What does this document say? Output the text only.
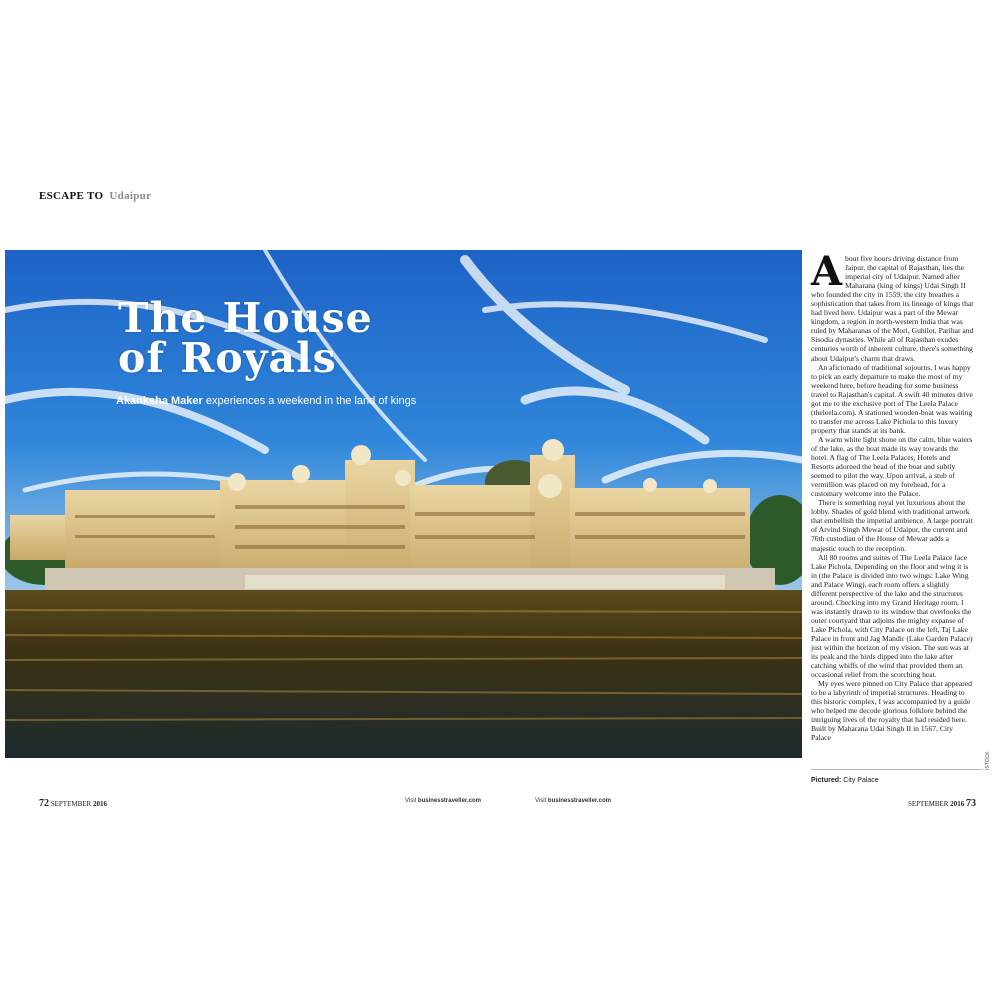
ESCAPE TO Udaipur
The House
of Royals
Akanksha Maker experiences a weekend in the land of kings

About five hours driving distance from Jaipur, the capital of Rajasthan, lies the imperial city of Udaipur. Named after Maharana (king of kings) Udai Singh II who founded the city in 1559, the city breathes a sophistication that takes from its lineage of kings that had lived here. Udaipur was a part of the Mewar kingdom, a region in north-western India that was ruled by Maharanas of the Mori, Guhilot, Parihar and Sisodia dynasties. While all of Rajasthan exudes centuries worth of inherent culture, there's something about Udaipur's charm that draws.

An aficionado of traditional sojourns, I was happy to pick an early departure to make the most of my weekend here, before heading for some business travel to Rajasthan's capital. A swift 40 minutes drive got me to the exclusive port of The Leela Palace (theleela.com). A stationed wooden-boat was waiting to transfer me across Lake Pichola to this luxury property that stands at its bank.

A warm white light shone on the calm, blue waters of the lake, as the boat made its way towards the hotel. A flag of The Leela Palaces, Hotels and Resorts adorned the head of the boat and subtly seemed to pilot the way. Upon arrival, a stub of vermillion was placed on my forehead, for a customary welcome into the Palace.

There is something royal yet luxurious about the lobby. Shades of gold blend with traditional artwork that embellish the imperial ambience. A large portrait of Arvind Singh Mewar of Udaipur, the current and 76th custodian of the House of Mewar adds a majestic touch to the reception.

All 80 rooms and suites of The Leela Palace face Lake Pichola. Depending on the floor and wing it is in (the Palace is divided into two wings: Lake Wing and Palace Wing), each room offers a slightly different perspective of the lake and the structures around. Checking into my Grand Heritage room, I was instantly drawn to its window that overlooks the outer courtyard that adjoins the mighty expanse of Lake Pichola, with City Palace on the left, Taj Lake Palace in front and Jag Mandir (Lake Garden Palace) just within the horizon of my vision. The sun was at its peak and the birds dipped into the lake after catching whiffs of the wind that provided them an occasional relief from the scorching heat.

My eyes were pinned on City Palace that appeared to be a labyrinth of imperial structures. Heading to this historic complex, I was accompanied by a guide who helped me decode glorious folklore behind the intriguing lives of the royalty that had resided here. Built by Maharana Udai Singh II in 1567, City Palace

Pictured: City Palace
ISTOCK
72 SEPTEMBER 2016	Visit businesstraveller.com	Visit businesstraveller.com	SEPTEMBER 2016 73
